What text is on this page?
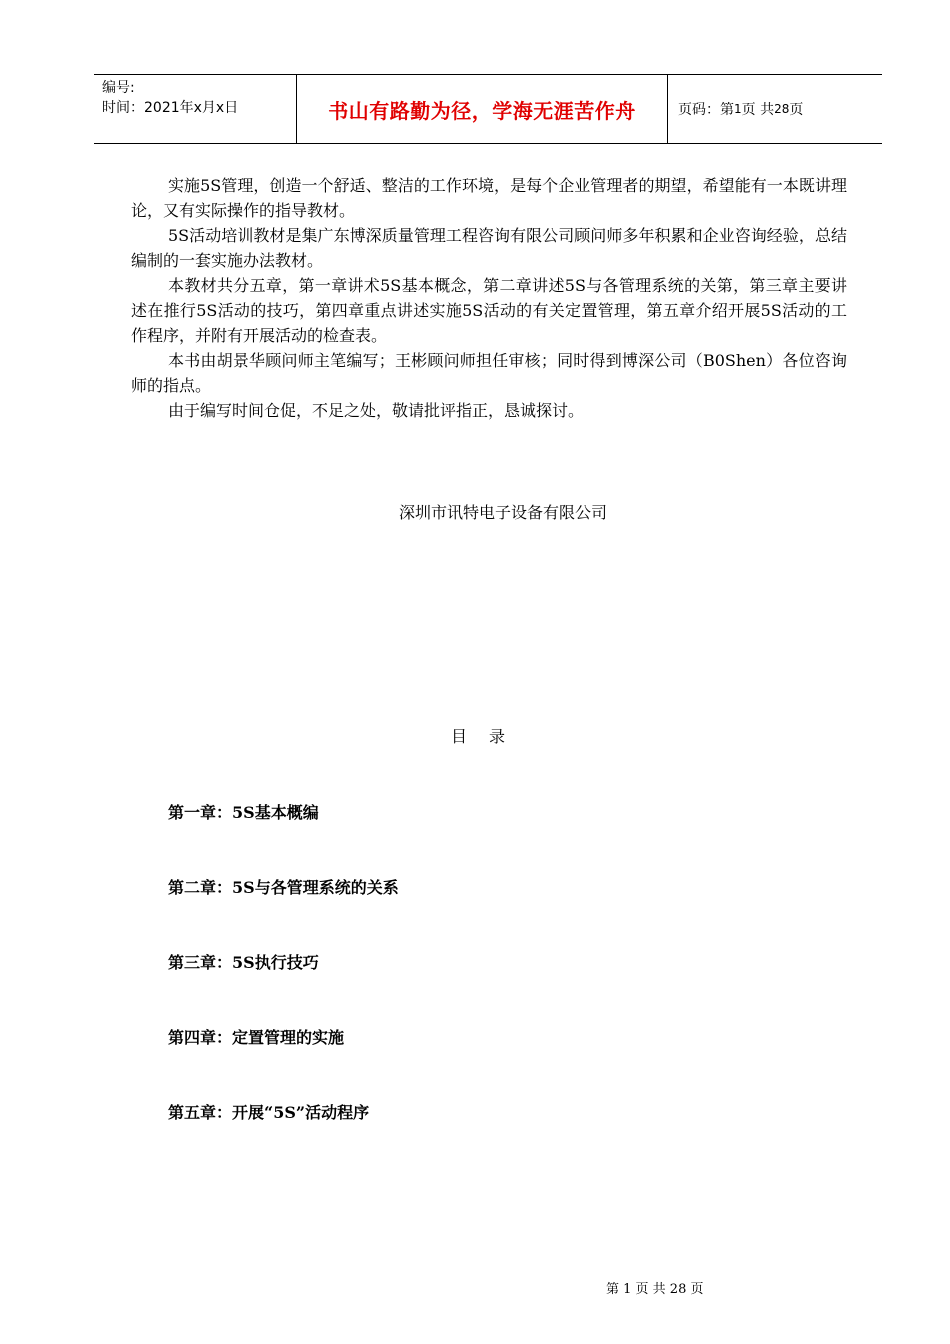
编号:
时间：2021年x月x日	书山有路勤为径，学海无涯苦作舟	页码：第 1 页 共 28 页

实施5S管理，创造一个舒适、整洁的工作环境，是每个企业管理者的期望，希望能有一本既讲理论，又有实际操作的指导教材。

5S活动培训教材是集广东博深质量管理工程咨询有限公司顾问师多年积累和企业咨询经验，总结编制的一套实施办法教材。

本教材共分五章，第一章讲术5S基本概念，第二章讲述5S与各管理系统的关第，第三章主要讲述在推行5S活动的技巧，第四章重点讲述实施5S活动的有关定置管理，第五章介绍开展5S活动的工作程序，并附有开展活动的检查表。

本书由胡景华顾问师主笔编写；王彬顾问师担任审核；同时得到博深公司（B0Shen）各位咨询师的指点。

由于编写时间仓促，不足之处，敬请批评指正，恳诚探讨。

深圳市讯特电子设备有限公司
目录
第一章：5S基本概编
第二章：5S与各管理系统的关系
第三章：5S执行技巧
第四章：定置管理的实施
第五章：开展“5S”活动程序
第 1 页 共 28 页
